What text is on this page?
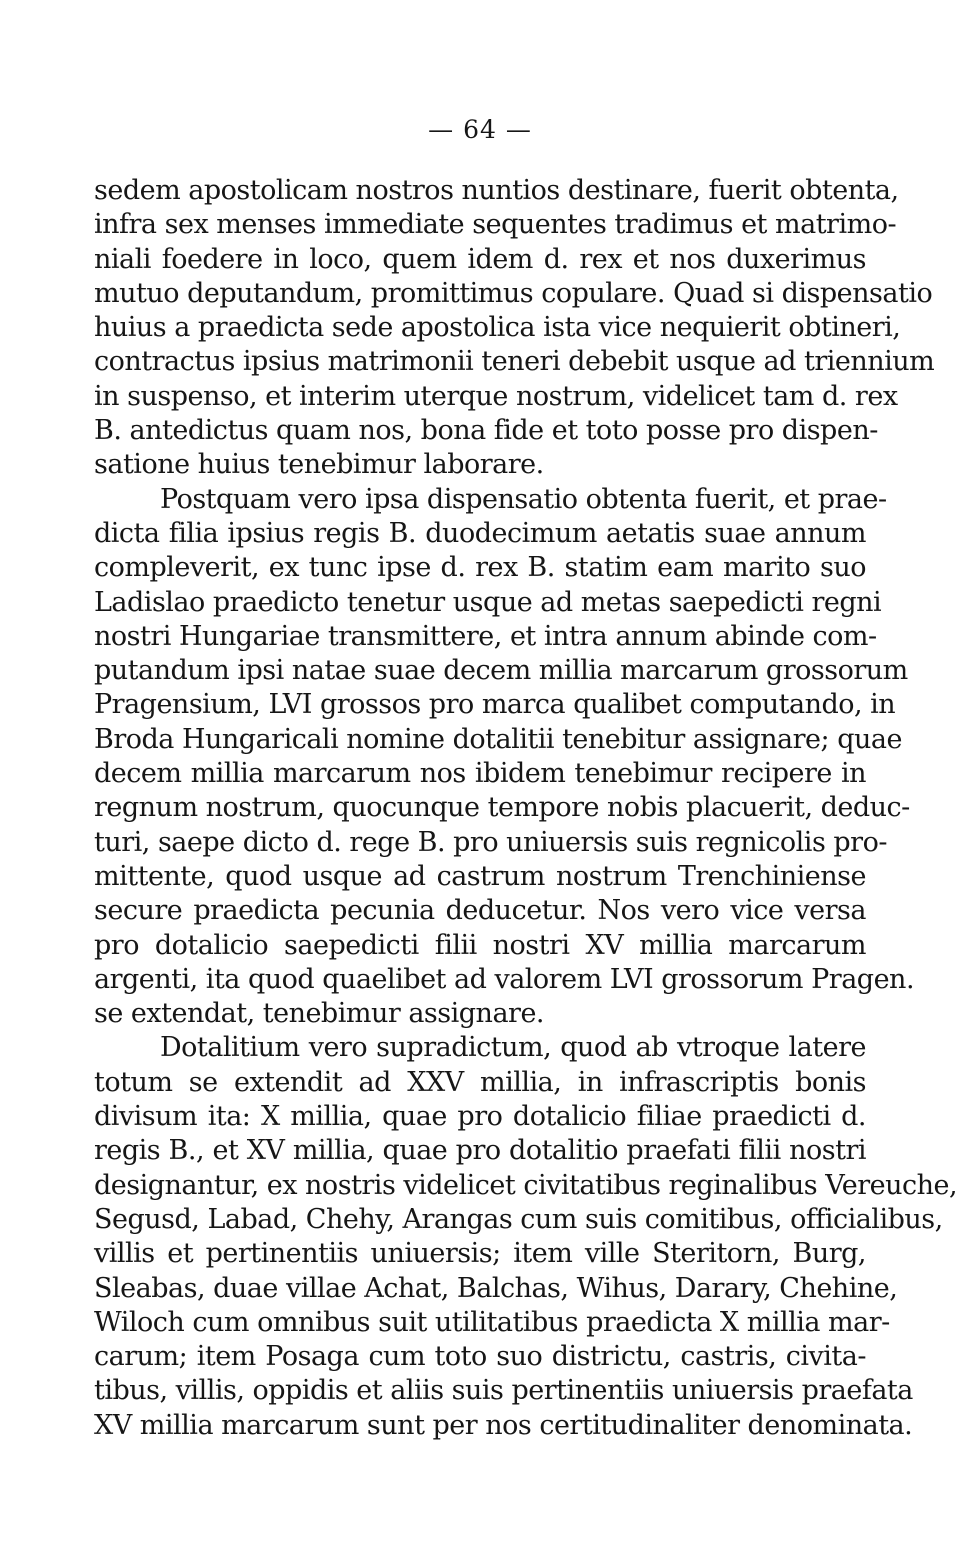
— 64 —
sedem apostolicam nostros nuntios destinare, fuerit obtenta,
infra sex menses immediate sequentes tradimus et matrimo-
niali foedere in loco, quem idem d. rex et nos duxerimus
mutuo deputandum, promittimus copulare. Quad si dispensatio
huius a praedicta sede apostolica ista vice nequierit obtineri,
contractus ipsius matrimonii teneri debebit usque ad triennium
in suspenso, et interim uterque nostrum, videlicet tam d. rex
B. antedictus quam nos, bona fide et toto posse pro dispen-
satione huius tenebimur laborare.
Postquam vero ipsa dispensatio obtenta fuerit, et prae-
dicta filia ipsius regis B. duodecimum aetatis suae annum
compleverit, ex tunc ipse d. rex B. statim eam marito suo
Ladislao praedicto tenetur usque ad metas saepedicti regni
nostri Hungariae transmittere, et intra annum abinde com-
putandum ipsi natae suae decem millia marcarum grossorum
Pragensium, LVI grossos pro marca qualibet computando, in
Broda Hungaricali nomine dotalitii tenebitur assignare; quae
decem millia marcarum nos ibidem tenebimur recipere in
regnum nostrum, quocunque tempore nobis placuerit, deduc-
turi, saepe dicto d. rege B. pro uniuersis suis regnicolis pro-
mittente, quod usque ad castrum nostrum Trenchiniense
secure praedicta pecunia deducetur. Nos vero vice versa
pro dotalicio saepedicti filii nostri XV millia marcarum
argenti, ita quod quaelibet ad valorem LVI grossorum Pragen.
se extendat, tenebimur assignare.
Dotalitium vero supradictum, quod ab vtroque latere
totum se extendit ad XXV millia, in infrascriptis bonis
divisum ita: X millia, quae pro dotalicio filiae praedicti d.
regis B., et XV millia, quae pro dotalitio praefati filii nostri
designantur, ex nostris videlicet civitatibus reginalibus Vereuche,
Segusd, Labad, Chehy, Arangas cum suis comitibus, officialibus,
villis et pertinentiis uniuersis; item ville Steritorn, Burg,
Sleabas, duae villae Achat, Balchas, Wihus, Darary, Chehine,
Wiloch cum omnibus suit utilitatibus praedicta X millia mar-
carum; item Posaga cum toto suo districtu, castris, civita-
tibus, villis, oppidis et aliis suis pertinentiis uniuersis praefata
XV millia marcarum sunt per nos certitudinaliter denominata.
